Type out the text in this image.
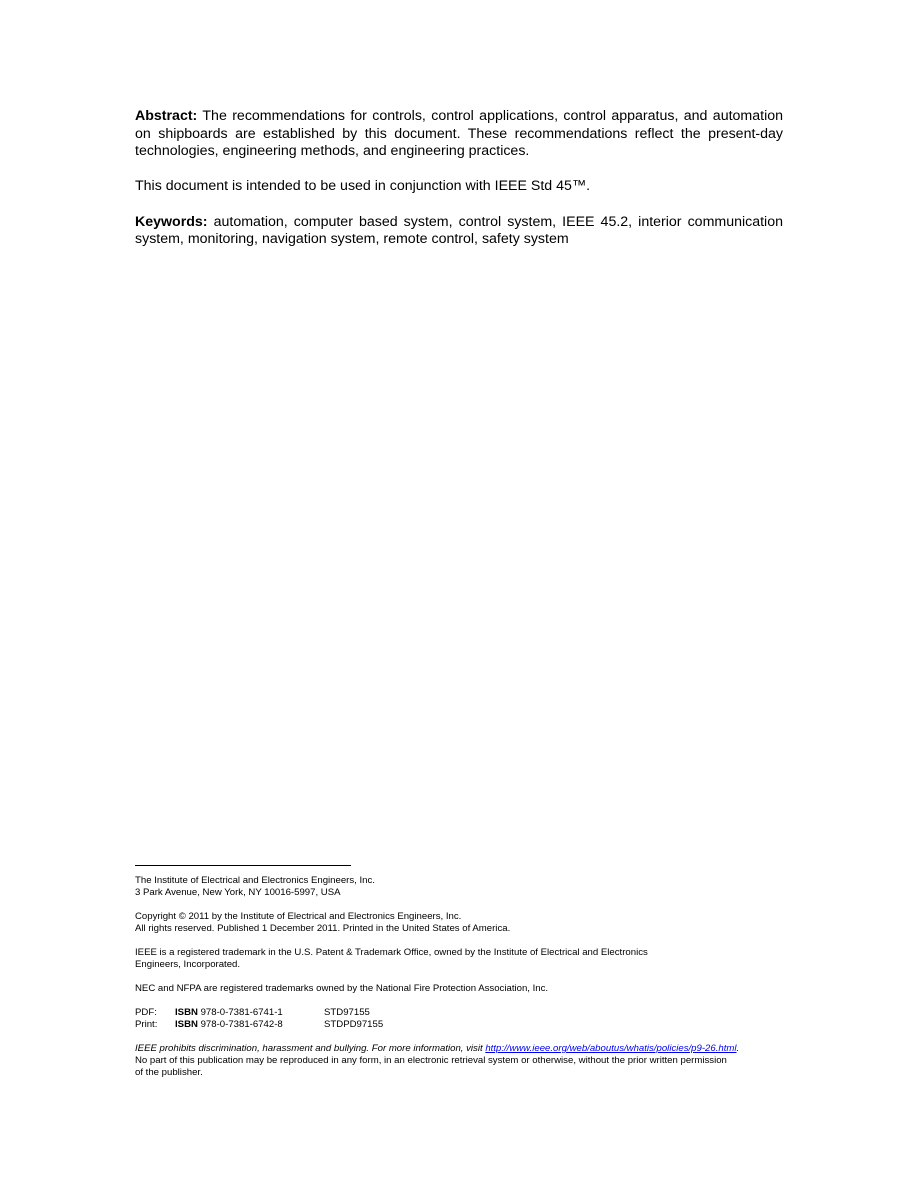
Abstract: The recommendations for controls, control applications, control apparatus, and automation on shipboards are established by this document. These recommendations reflect the present-day technologies, engineering methods, and engineering practices.

This document is intended to be used in conjunction with IEEE Std 45™.

Keywords: automation, computer based system, control system, IEEE 45.2, interior communication system, monitoring, navigation system, remote control, safety system

The Institute of Electrical and Electronics Engineers, Inc.
3 Park Avenue, New York, NY 10016-5997, USA
Copyright © 2011 by the Institute of Electrical and Electronics Engineers, Inc.
All rights reserved. Published 1 December 2011. Printed in the United States of America.
IEEE is a registered trademark in the U.S. Patent & Trademark Office, owned by the Institute of Electrical and Electronics
Engineers, Incorporated.
NEC and NFPA are registered trademarks owned by the National Fire Protection Association, Inc.
PDF:	ISBN 978-0-7381-6741-1	STD97155
Print:	ISBN 978-0-7381-6742-8	STDPD97155
IEEE prohibits discrimination, harassment and bullying. For more information, visit http://www.ieee.org/web/aboutus/whatis/policies/p9-26.html.
No part of this publication may be reproduced in any form, in an electronic retrieval system or otherwise, without the prior written permission
of the publisher.
